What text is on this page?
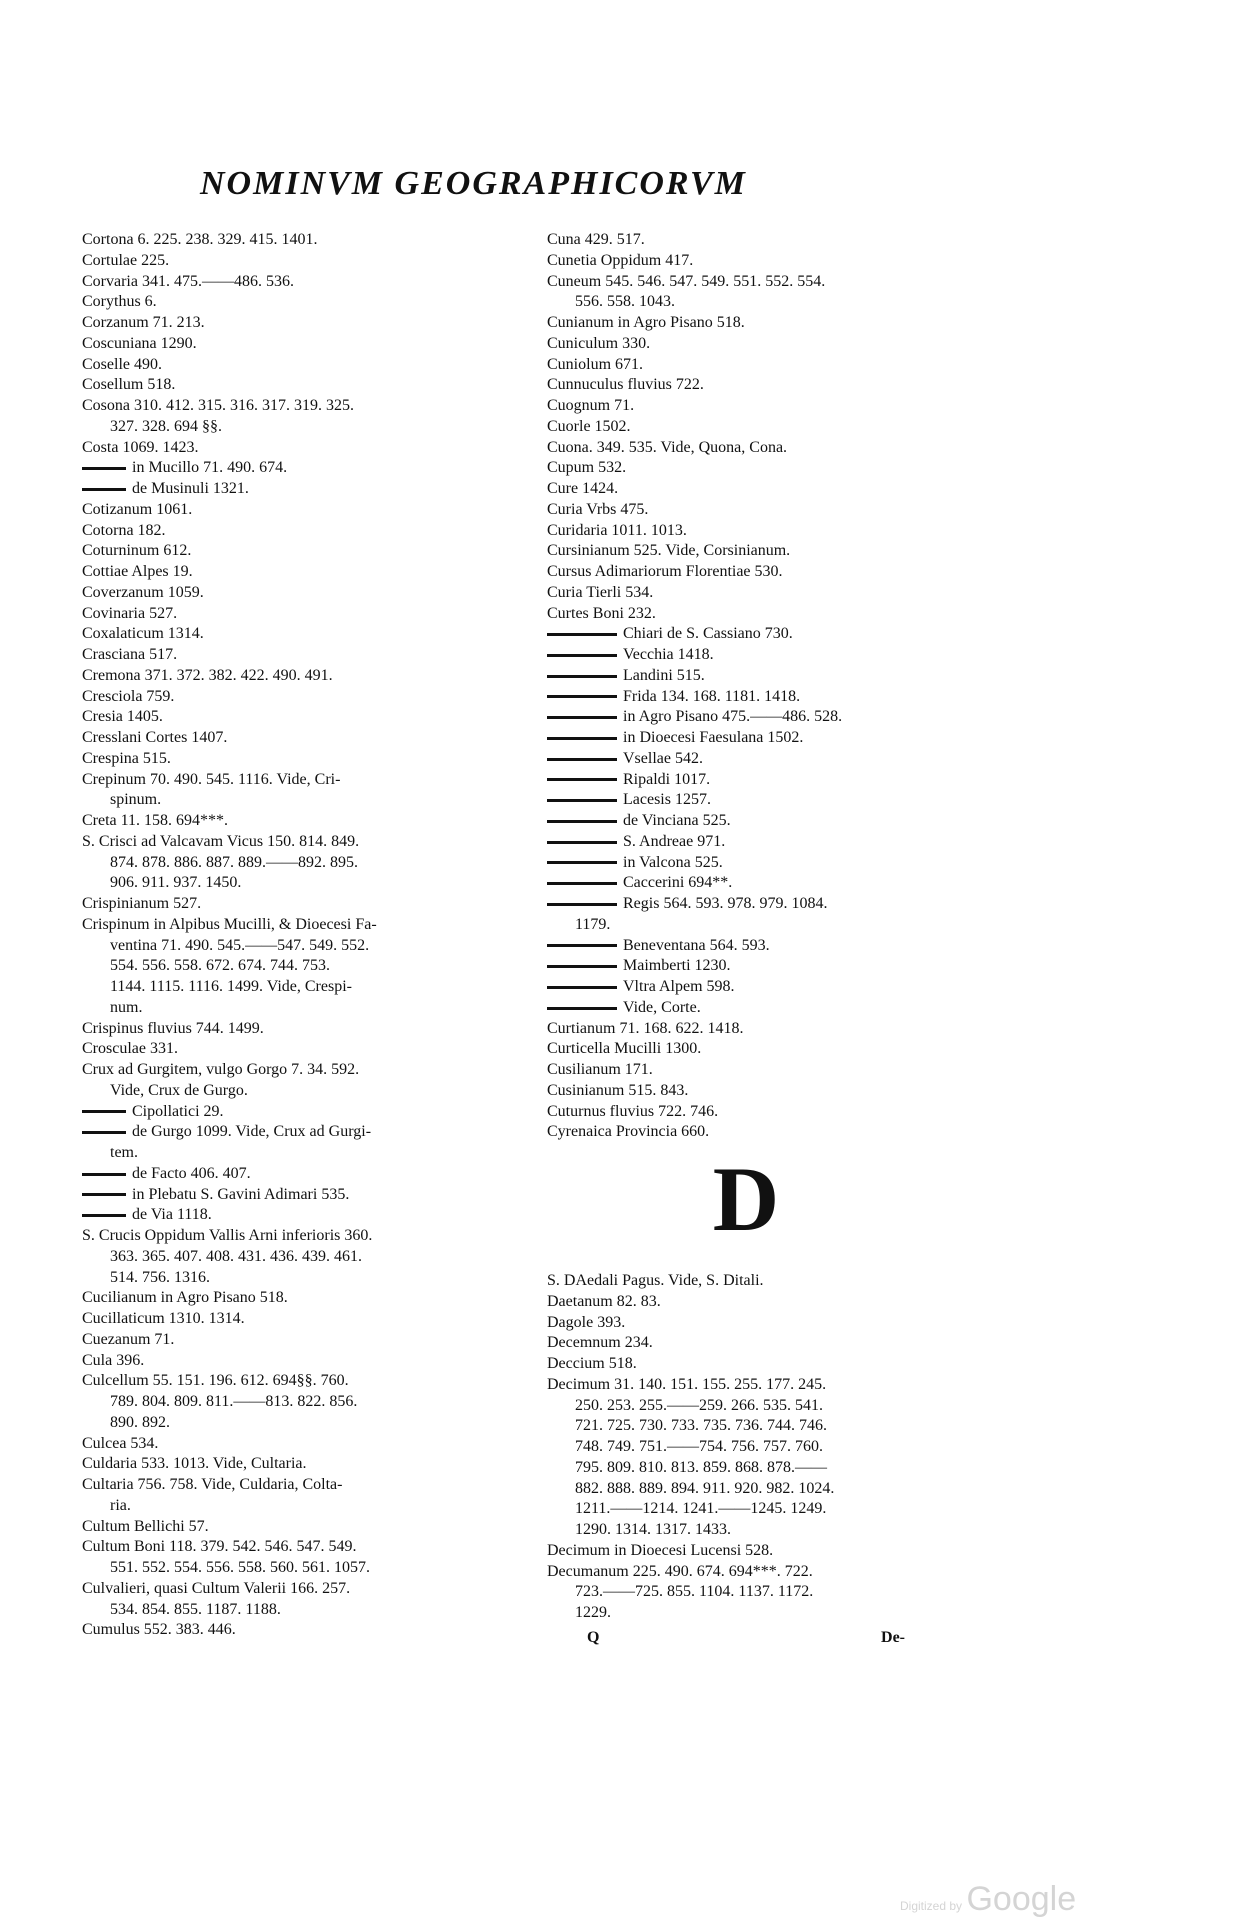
NOMINVM GEOGRAPHICORVM
Cortona 6. 225. 238. 329. 415. 1401.
Cortulae 225.
Corvaria 341. 475.——486. 536.
Corythus 6.
Corzanum 71. 213.
Coscuniana 1290.
Coselle 490.
Cosellum 518.
Cosona 310. 412. 315. 316. 317. 319. 325.
327. 328. 694 §§.
Costa 1069. 1423.
in Mucillo 71. 490. 674.
de Musinuli 1321.
Cotizanum 1061.
Cotorna 182.
Coturninum 612.
Cottiae Alpes 19.
Coverzanum 1059.
Covinaria 527.
Coxalaticum 1314.
Crasciana 517.
Cremona 371. 372. 382. 422. 490. 491.
Cresciola 759.
Cresia 1405.
Cresslani Cortes 1407.
Crespina 515.
Crepinum 70. 490. 545. 1116. Vide, Cri-
spinum.
Creta 11. 158. 694***.
S. Crisci ad Valcavam Vicus 150. 814. 849.
874. 878. 886. 887. 889.——892. 895.
906. 911. 937. 1450.
Crispinianum 527.
Crispinum in Alpibus Mucilli, & Dioecesi Fa-
ventina 71. 490. 545.——547. 549. 552.
554. 556. 558. 672. 674. 744. 753.
1144. 1115. 1116. 1499. Vide, Crespi-
num.
Crispinus fluvius 744. 1499.
Crosculae 331.
Crux ad Gurgitem, vulgo Gorgo 7. 34. 592.
Vide, Crux de Gurgo.
Cipollatici 29.
de Gurgo 1099. Vide, Crux ad Gurgi-
tem.
de Facto 406. 407.
in Plebatu S. Gavini Adimari 535.
de Via 1118.
S. Crucis Oppidum Vallis Arni inferioris 360.
363. 365. 407. 408. 431. 436. 439. 461.
514. 756. 1316.
Cucilianum in Agro Pisano 518.
Cucillaticum 1310. 1314.
Cuezanum 71.
Cula 396.
Culcellum 55. 151. 196. 612. 694§§. 760.
789. 804. 809. 811.——813. 822. 856.
890. 892.
Culcea 534.
Culdaria 533. 1013. Vide, Cultaria.
Cultaria 756. 758. Vide, Culdaria, Colta-
ria.
Cultum Bellichi 57.
Cultum Boni 118. 379. 542. 546. 547. 549.
551. 552. 554. 556. 558. 560. 561. 1057.
Culvalieri, quasi Cultum Valerii 166. 257.
534. 854. 855. 1187. 1188.
Cumulus 552. 383. 446.
Cuna 429. 517.
Cunetia Oppidum 417.
Cuneum 545. 546. 547. 549. 551. 552. 554.
556. 558. 1043.
Cunianum in Agro Pisano 518.
Cuniculum 330.
Cuniolum 671.
Cunnuculus fluvius 722.
Cuognum 71.
Cuorle 1502.
Cuona. 349. 535. Vide, Quona, Cona.
Cupum 532.
Cure 1424.
Curia Vrbs 475.
Curidaria 1011. 1013.
Cursinianum 525. Vide, Corsinianum.
Cursus Adimariorum Florentiae 530.
Curia Tierli 534.
Curtes Boni 232.
Chiari de S. Cassiano 730.
Vecchia 1418.
Landini 515.
Frida 134. 168. 1181. 1418.
in Agro Pisano 475.——486. 528.
in Dioecesi Faesulana 1502.
Vsellae 542.
Ripaldi 1017.
Lacesis 1257.
de Vinciana 525.
S. Andreae 971.
in Valcona 525.
Caccerini 694**.
Regis 564. 593. 978. 979. 1084.
1179.
Beneventana 564. 593.
Maimberti 1230.
Vltra Alpem 598.
Vide, Corte.
Curtianum 71. 168. 622. 1418.
Curticella Mucilli 1300.
Cusilianum 171.
Cusinianum 515. 843.
Cuturnus fluvius 722. 746.
Cyrenaica Provincia 660.
D
S. DAedali Pagus. Vide, S. Ditali.
Daetanum 82. 83.
Dagole 393.
Decemnum 234.
Deccium 518.
Decimum 31. 140. 151. 155. 255. 177. 245.
250. 253. 255.——259. 266. 535. 541.
721. 725. 730. 733. 735. 736. 744. 746.
748. 749. 751.——754. 756. 757. 760.
795. 809. 810. 813. 859. 868. 878.——
882. 888. 889. 894. 911. 920. 982. 1024.
1211.——1214. 1241.——1245. 1249.
1290. 1314. 1317. 1433.
Decimum in Dioecesi Lucensi 528.
Decumanum 225. 490. 674. 694***. 722.
723.——725. 855. 1104. 1137. 1172.
1229.
Q	De-
Digitized by Google
